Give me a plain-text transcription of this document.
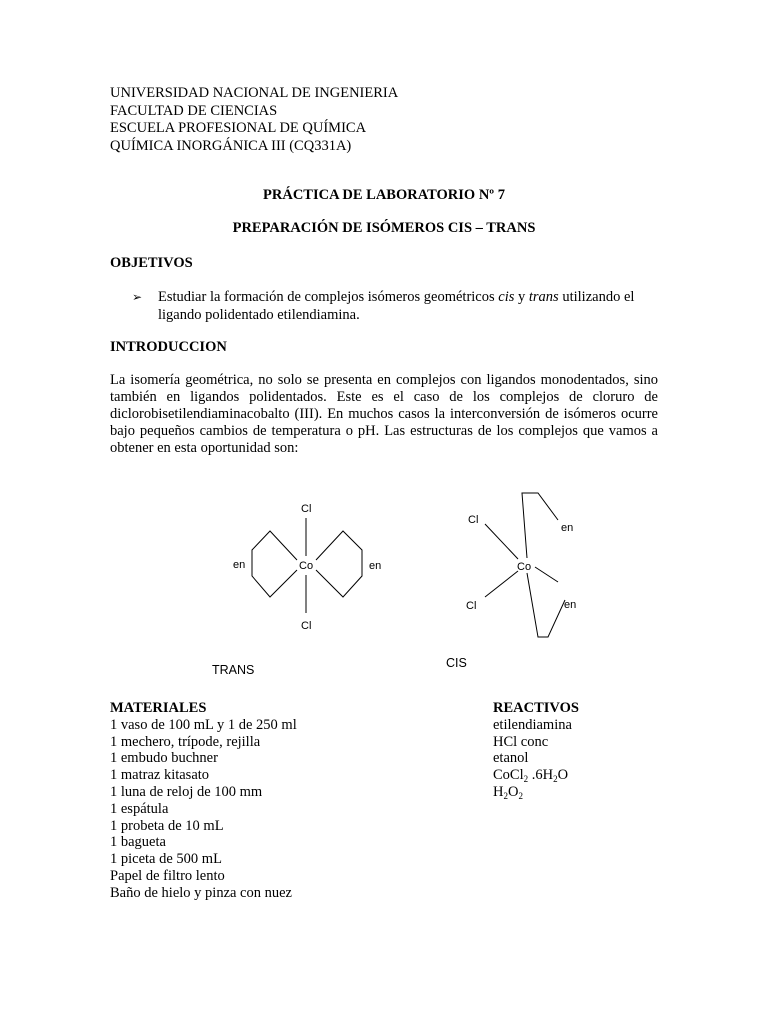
UNIVERSIDAD NACIONAL DE INGENIERIA
FACULTAD DE CIENCIAS
ESCUELA PROFESIONAL DE QUÍMICA
QUÍMICA INORGÁNICA III (CQ331A)
PRÁCTICA DE LABORATORIO Nº 7
PREPARACIÓN DE ISÓMEROS CIS – TRANS
OBJETIVOS
➢ Estudiar la formación de complejos isómeros geométricos cis y trans utilizando el ligando polidentado etilendiamina.
INTRODUCCION
La isomería geométrica, no solo se presenta en complejos con ligandos monodentados, sino también en ligandos polidentados. Este es el caso de los complejos de cloruro de diclorobisetilendiaminacobalto (III). En muchos casos la interconversión de isómeros ocurre bajo pequeños cambios de temperatura o pH. Las estructuras de los complejos que vamos a obtener en esta oportunidad son:
Cl
Co
Cl
en	en
Cl
Co
Cl
en
en
TRANS	CIS
MATERIALES
1 vaso de 100 mL y 1 de 250 ml
1 mechero, trípode, rejilla
1 embudo buchner
1 matraz kitasato
1 luna de reloj de 100 mm
1 espátula
1 probeta de 10 mL
1 bagueta
1 piceta de 500 mL
Papel de filtro lento
Baño de hielo y pinza con nuez
REACTIVOS
etilendiamina
HCl conc
etanol
CoCl$_2$ $.6H_2O$
$H_2O_2$
